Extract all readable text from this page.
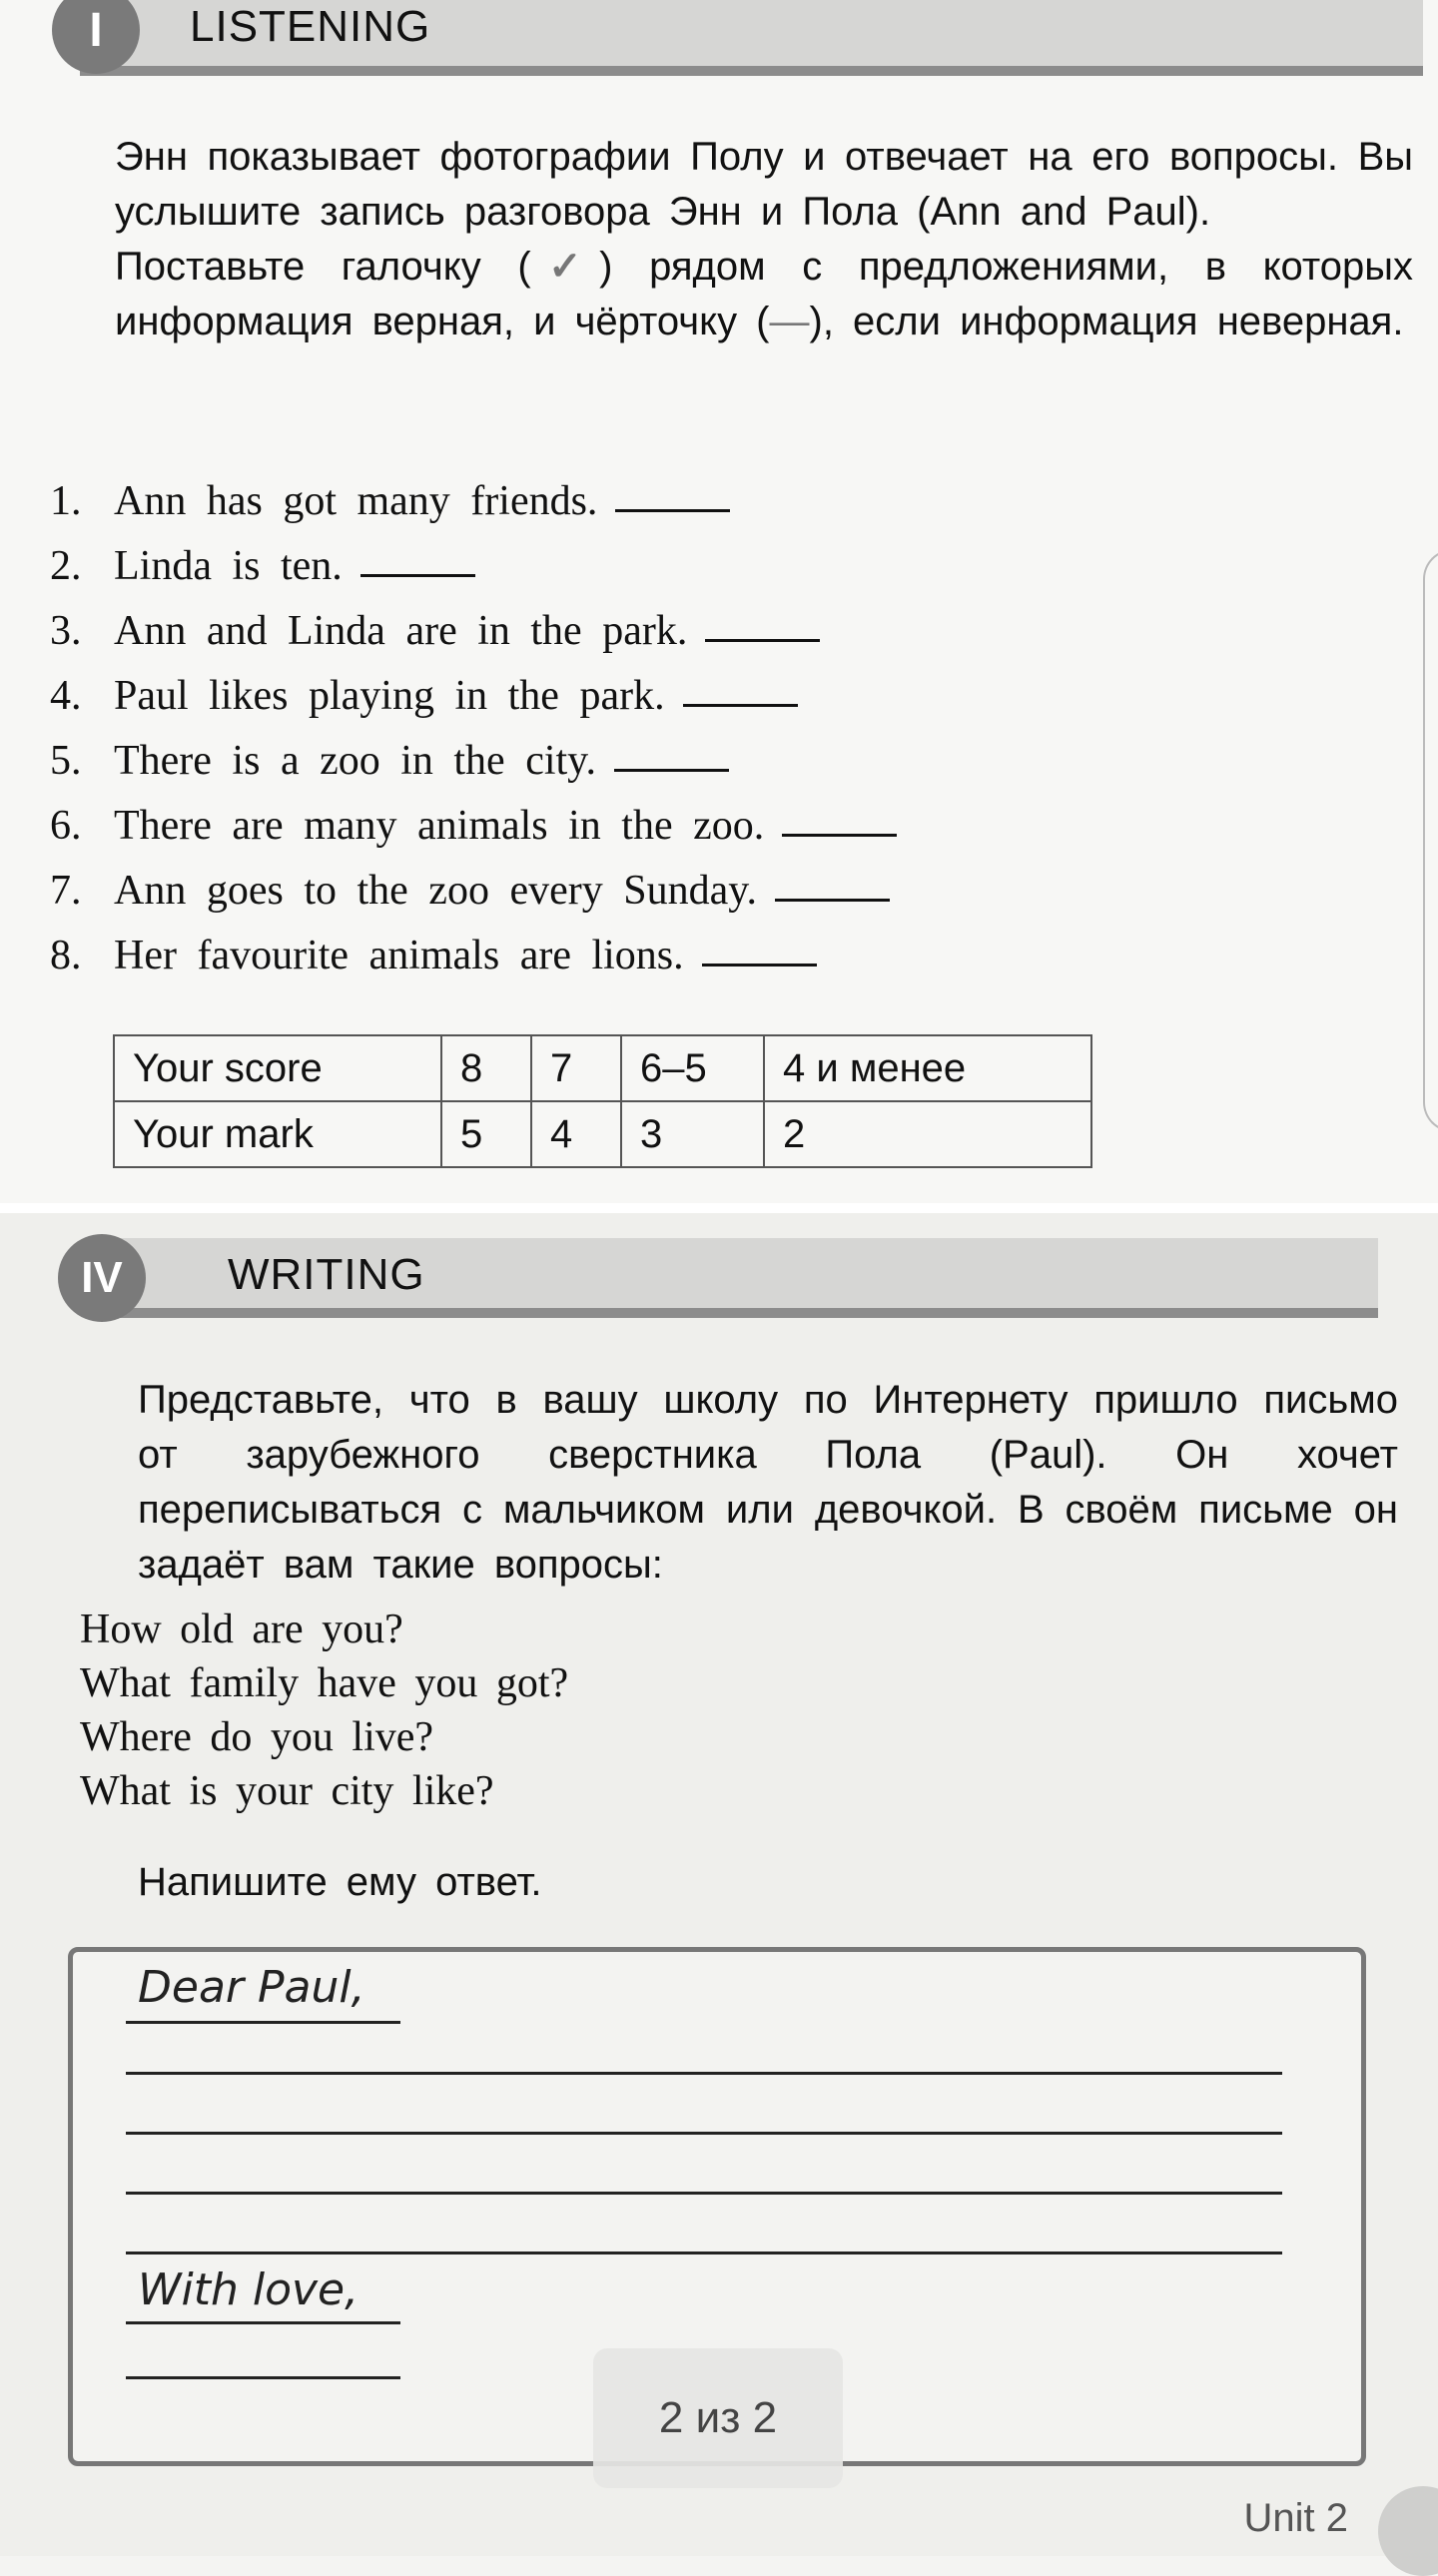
I	LISTENING

Энн показывает фотографии Полу и отвечает на его вопросы. Вы услышите запись разговора Энн и Пола (Ann and Paul).

Поставьте галочку (✓) рядом с предложениями, в которых информация верная, и чёрточку (—), если информация неверная.

1. Ann has got many friends.
2. Linda is ten.
3. Ann and Linda are in the park.
4. Paul likes playing in the park.
5. There is a zoo in the city.
6. There are many animals in the zoo.
7. Ann goes to the zoo every Sunday.
8. Her favourite animals are lions.
Your score	8	7	6–5	4 и менее
Your mark	5	4	3	2
IV	WRITING

Представьте, что в вашу школу по Интернету пришло письмо от зарубежного сверстника Пола (Paul). Он хочет переписываться с мальчиком или девочкой. В своём письме он задаёт вам такие вопросы:

How old are you?
What family have you got?
Where do you live?
What is your city like?
Напишите ему ответ.
Dear Paul,
With love,
2 из 2
Unit 2
